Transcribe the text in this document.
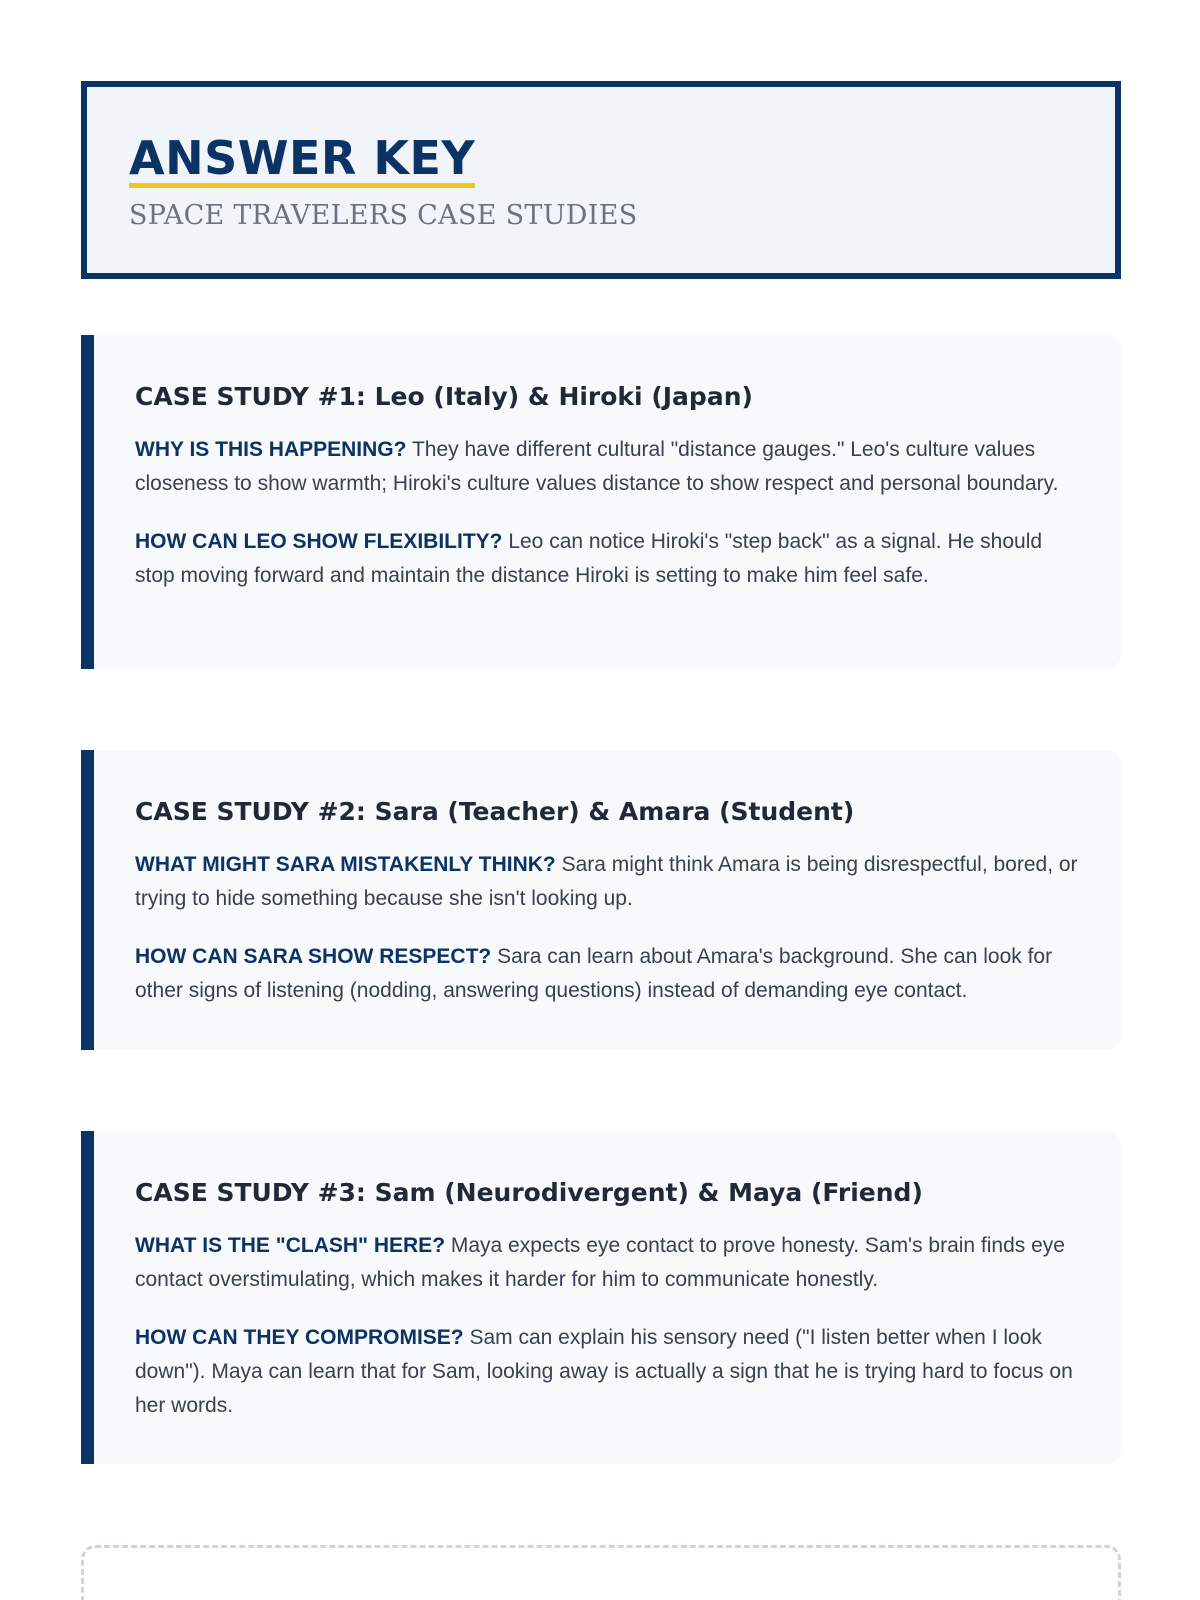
ANSWER KEY
SPACE TRAVELERS CASE STUDIES
CASE STUDY #1: Leo (Italy) & Hiroki (Japan)

WHY IS THIS HAPPENING? They have different cultural "distance gauges." Leo's culture values closeness to show warmth; Hiroki's culture values distance to show respect and personal boundary.

HOW CAN LEO SHOW FLEXIBILITY? Leo can notice Hiroki's "step back" as a signal. He should stop moving forward and maintain the distance Hiroki is setting to make him feel safe.

CASE STUDY #2: Sara (Teacher) & Amara (Student)

WHAT MIGHT SARA MISTAKENLY THINK? Sara might think Amara is being disrespectful, bored, or trying to hide something because she isn't looking up.

HOW CAN SARA SHOW RESPECT? Sara can learn about Amara's background. She can look for other signs of listening (nodding, answering questions) instead of demanding eye contact.

CASE STUDY #3: Sam (Neurodivergent) & Maya (Friend)

WHAT IS THE "CLASH" HERE? Maya expects eye contact to prove honesty. Sam's brain finds eye contact overstimulating, which makes it harder for him to communicate honestly.

HOW CAN THEY COMPROMISE? Sam can explain his sensory need ("I listen better when I look down"). Maya can learn that for Sam, looking away is actually a sign that he is trying hard to focus on her words.
